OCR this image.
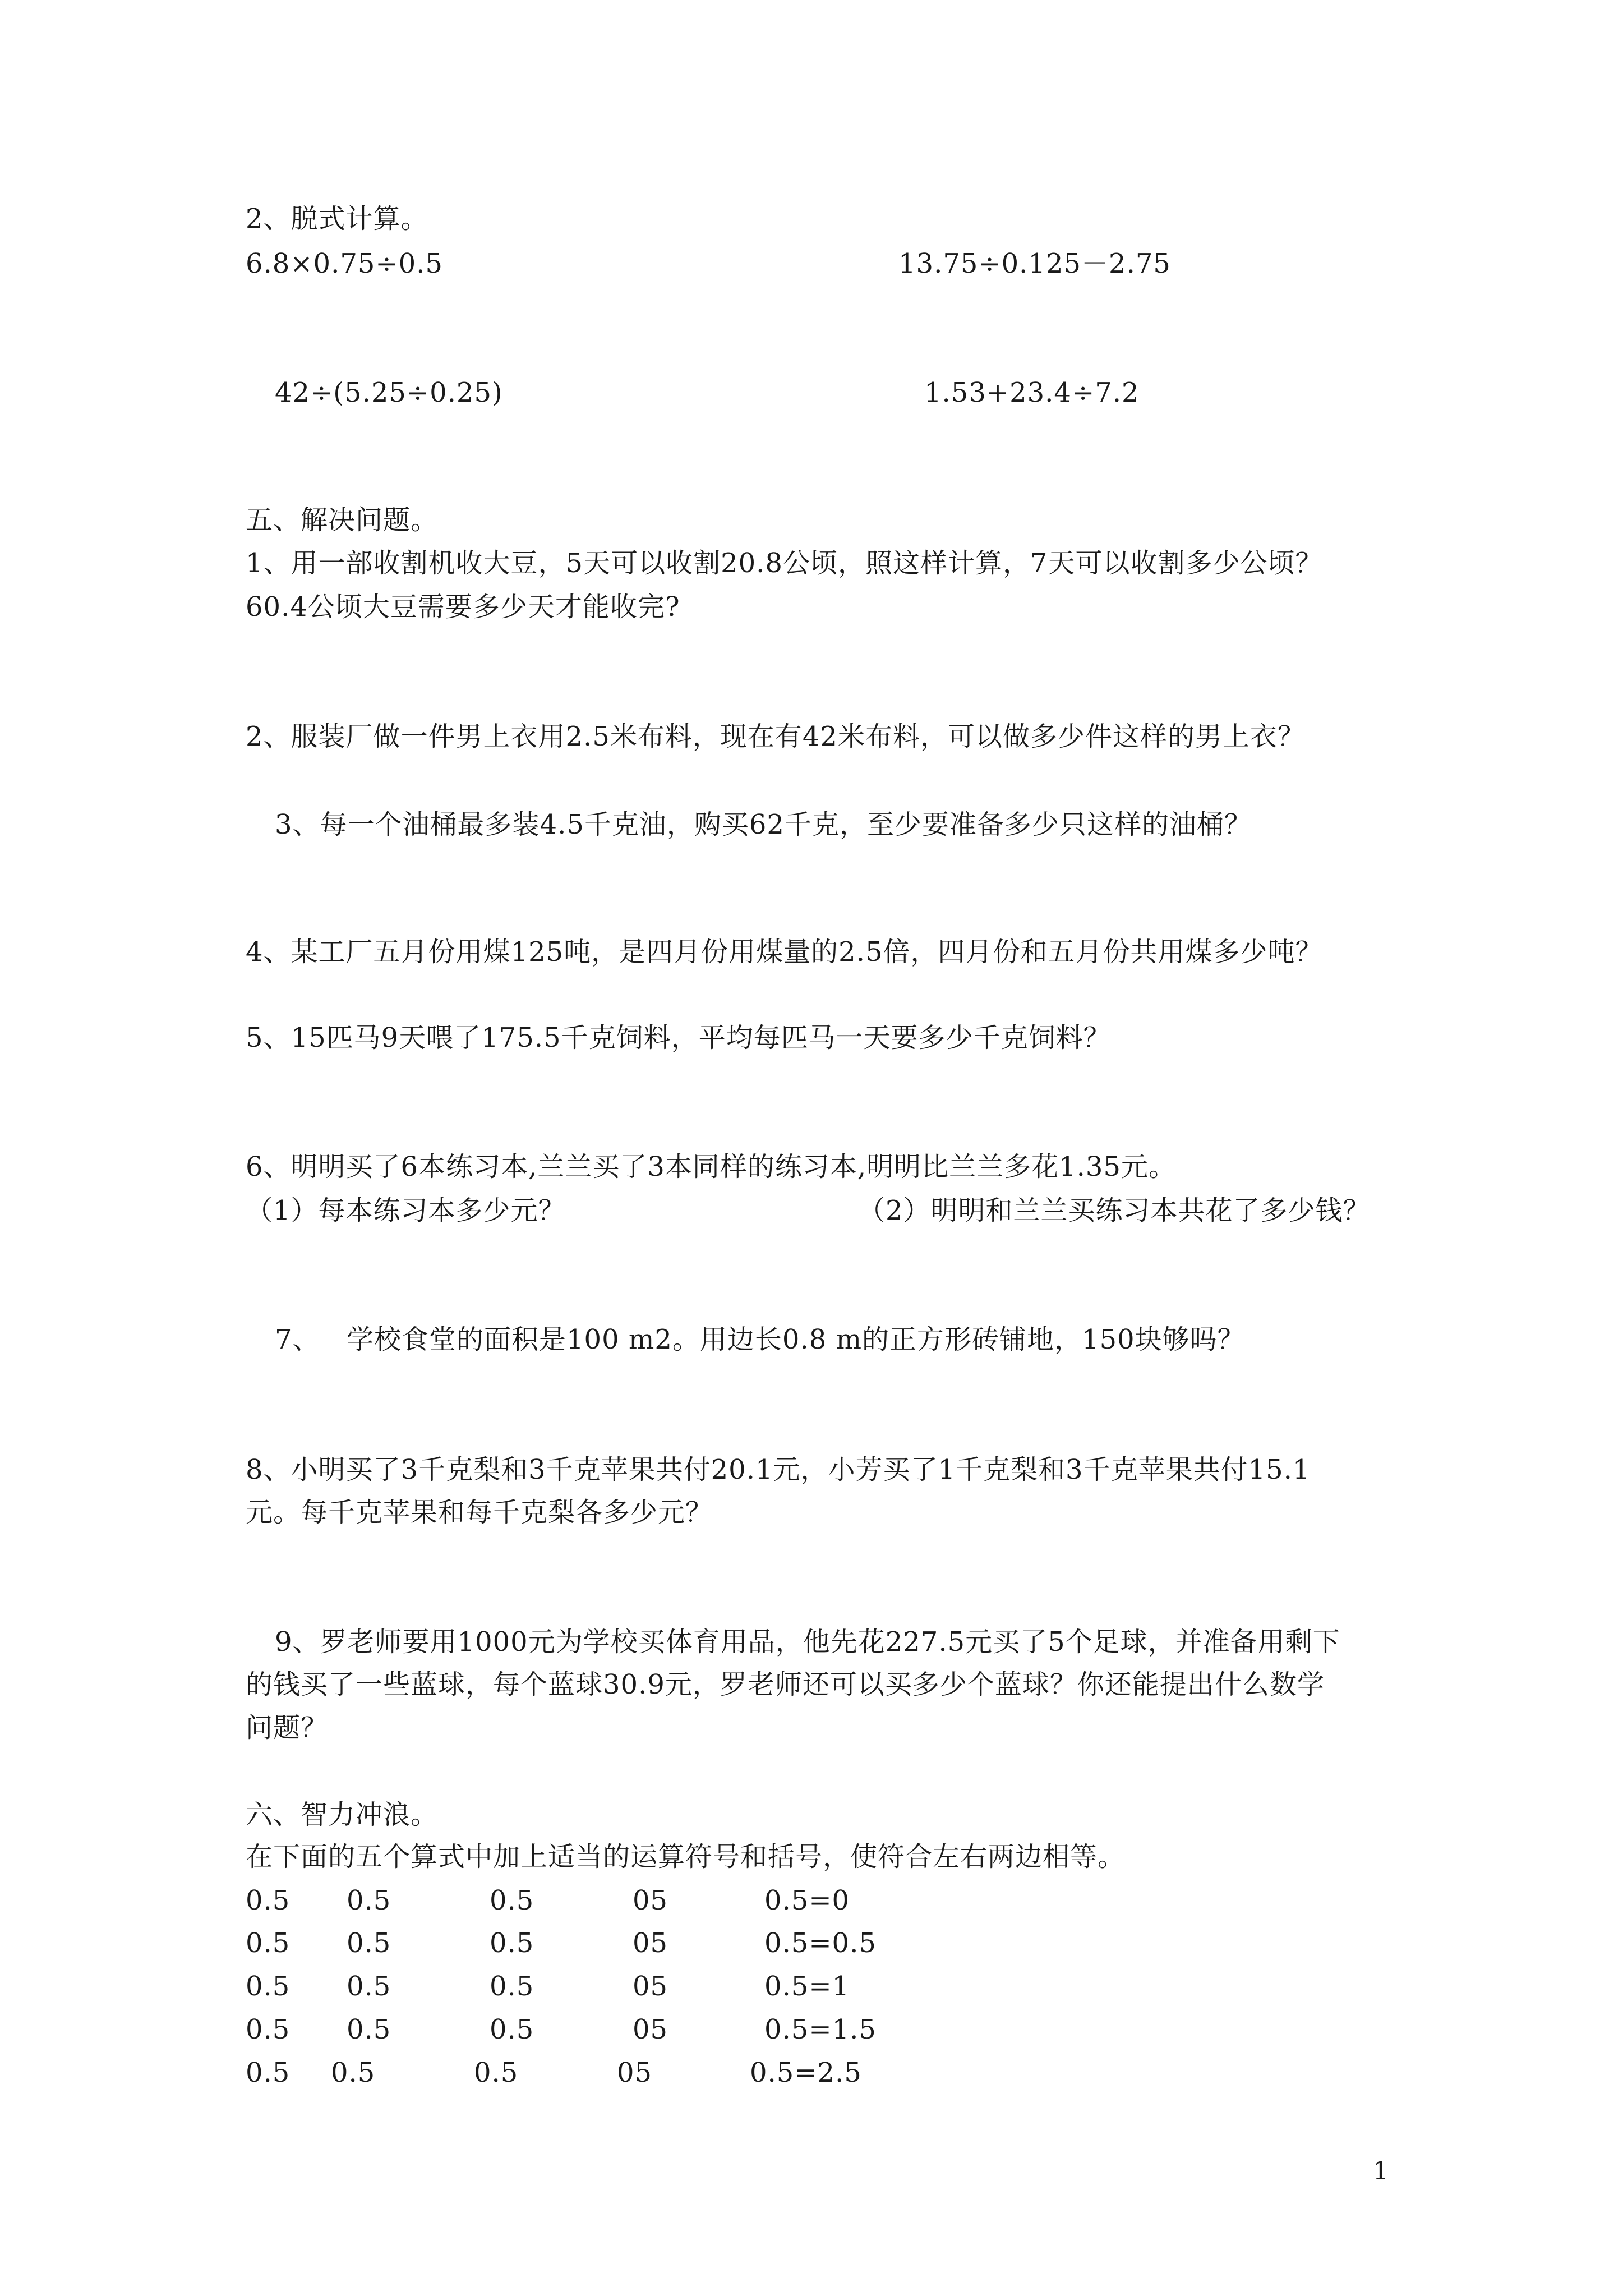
2、脱式计算。
6.8×0.75÷0.5	13.75÷0.125－2.75
42÷(5.25÷0.25)	1.53+23.4÷7.2
五、解决问题。
1、用一部收割机收大豆，5天可以收割20.8公顷，照这样计算，7天可以收割多少公顷？
60.4公顷大豆需要多少天才能收完?
2、服装厂做一件男上衣用2.5米布料，现在有42米布料，可以做多少件这样的男上衣？
3、每一个油桶最多装4.5千克油，购买62千克，至少要准备多少只这样的油桶？
4、某工厂五月份用煤125吨，是四月份用煤量的2.5倍，四月份和五月份共用煤多少吨？
5、15匹马9天喂了175.5千克饲料，平均每匹马一天要多少千克饲料？
6、明明买了6本练习本,兰兰买了3本同样的练习本,明明比兰兰多花1.35元。
（1）每本练习本多少元？	（2）明明和兰兰买练习本共花了多少钱？
7、 学校食堂的面积是100 m2。用边长0.8 m的正方形砖铺地，150块够吗？
8、小明买了3千克梨和3千克苹果共付20.1元，小芳买了1千克梨和3千克苹果共付15.1
元。每千克苹果和每千克梨各多少元？
9、罗老师要用1000元为学校买体育用品，他先花227.5元买了5个足球，并准备用剩下
的钱买了一些蓝球，每个蓝球30.9元，罗老师还可以买多少个蓝球？你还能提出什么数学
问题？
六、智力冲浪。
在下面的五个算式中加上适当的运算符号和括号，使符合左右两边相等。
0.5 0.5	0.5	05	0.5=0
0.5 0.5	0.5	05	0.5=0.5
0.5 0.5	0.5	05	0.5=1
0.5 0.5	0.5	05	0.5=1.5
0.5 0.5	0.5	05	0.5=2.5
1
